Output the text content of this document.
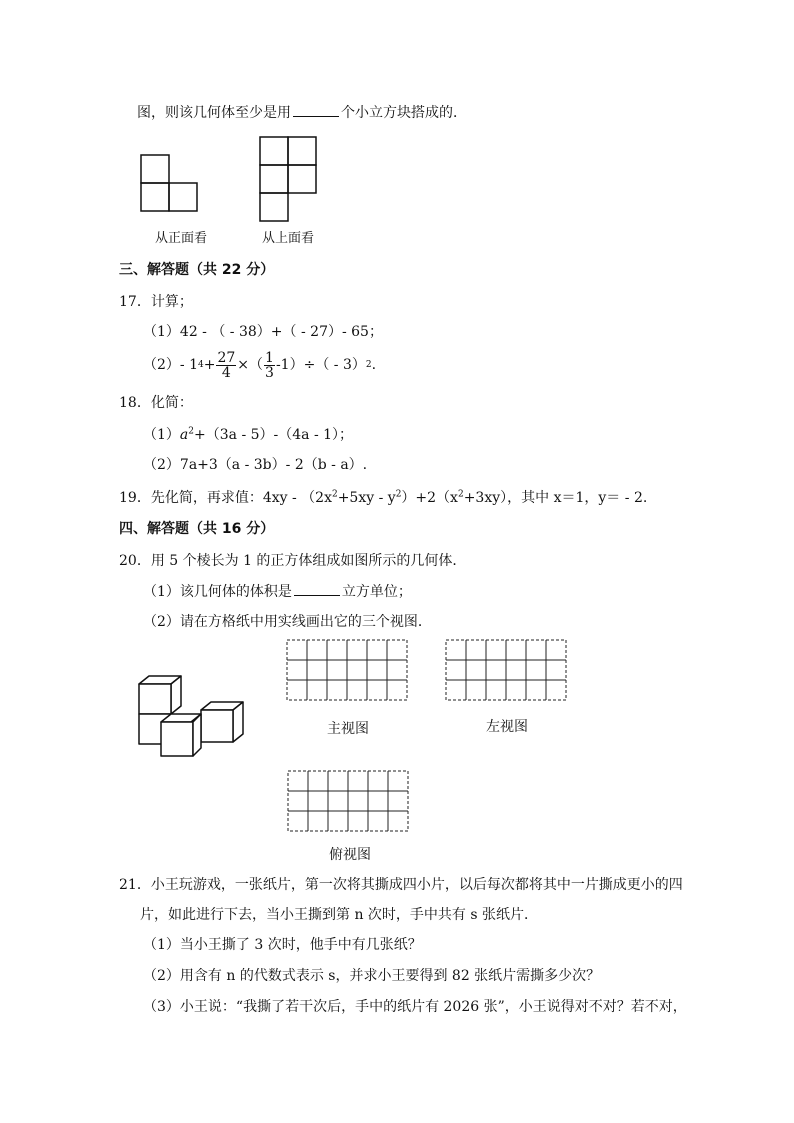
图，则该几何体至少是用	个小立方块搭成的．
从正面看	从上面看
三、解答题（共 22 分）
17．计算；
（1）42 - （ - 38）+（ - 27）- 65；
（2）- 1 $4 + \frac{27}{4}$ ×（ $\frac{1}{3} -1)\div( - 3)$ 2 .
18．化简：
$(1)a^2+(3a - 5)-(4a - 1)$；
（2）7a+3（a - 3b）- 2（b - a）.
19．先化简，再求值：$4xy - (2x^2+5xy - y^2)+2(x^2+3xy)$，其中 x＝1，y＝ - 2.
四、解答题（共 16 分）
20．用 5 个棱长为 1 的正方体组成如图所示的几何体．
（1）该几何体的体积是	立方单位；
（2）请在方格纸中用实线画出它的三个视图．
主视图	左视图
俯视图
21．小王玩游戏，一张纸片，第一次将其撕成四小片，以后每次都将其中一片撕成更小的四
片，如此进行下去，当小王撕到第 n 次时，手中共有 s 张纸片．
（1）当小王撕了 3 次时，他手中有几张纸？
（2）用含有 n 的代数式表示 s，并求小王要得到 82 张纸片需撕多少次？
（3）小王说：“我撕了若干次后，手中的纸片有 2026 张”，小王说得对不对？若不对，
